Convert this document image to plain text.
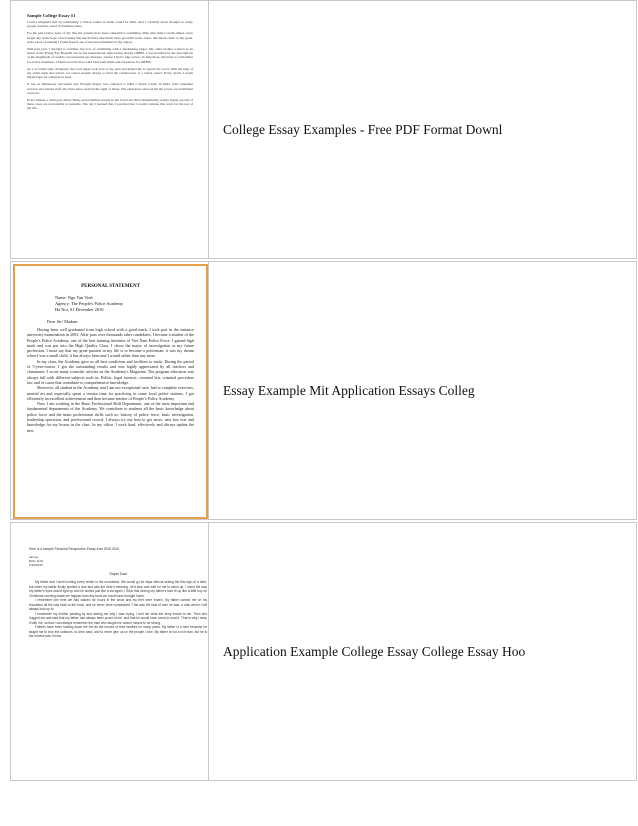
Sample College Essay #1

I never imagined that by nominating a Vision Center in India would be built. And I certainly never thought so many people could be cured of blindness there.

For the past twelve years of my life, my parents have been competitive swimming. Mile after mile I swam almost every single day in the hope of becoming that much faster, that much more powerful in the water, that much closer to my goals. After years of training I found myself one of the best swimmers in my region.

This past year, I decided to combine my love of swimming with a fundraising target. My older brother worked as an intern in the Flying Eye Hospital run by the international sight-saving charity ORBIS. I was horrified by his descriptions of the magnitude of curable, but untreated eye diseases. I knew I had to take action. To help those who have to walk miles to receive treatment, I found an event that could raise both funds and awareness for ORBIS.

As a two-time state champion, the local paper took note of my plan and helped me to spread the word. With the help of my swim team and school, we raised enough money to fund the construction of a vision center. Every stroke I swam meant hope for someone in need.

It was an immensely successful day. Enough money was collected to build a Vision Center in India, with outpatient services and trained staff who have since restored the sight of many. The experience showed me the power one individual can have.

Every minute a child goes blind. Thirty-seven million people in the world are blind. Remarkably, nearly eighty percent of these cases are preventable or treatable. The day I learned that, I resolved that I would continue this work for the rest of my life.

College Essay Examples - Free PDF Format Downl
PERSONAL STATEMENT
Name: Ngo Van Vinh
Agency: The People's Police Academy
Ha Noi, 01 December 2010
Dear Sir/ Madam

Having been well graduated from high school with a good mark, I took part in the entrance university examination in 2003. After pass over thousands other candidates, I became a student of the People's Police Academy, one of the best training institutes of Viet Nam Police Force. I gained high mark and was put into the High Quality Class. I chose the major of investigation as my future profession. I must say that my great passion in my life is to become a policeman; it was my dream when I was a small child, it has always been and I would rather than any more.

In my class, the Academy gave us all best conditions and facilities to study. During the period of 5-year-course, I got the outstanding results and was highly appreciated by all teachers and classmates. I wrote many scientific articles on the Academy's Magazine. The program education was always full with different subjects such as: Politic, legal forensic, criminal law, criminal procedure law and of cause that contribute to comprehensive knowledge.

Moreover, all student in the Academy and I am not exceptional case, had to complete exercises, martial art and especially spent a certain time for practicing in some local police stations. I got efficiently an excellent achievement and then became teacher of People's Police Academy.

Now, I am working in the Basic Professional Skill Department, one of the most important and fundamental departments of the Academy. We contribute to students all the basic knowledge about police force and the main professional skills such as: history of police force, basic investigation, leadership operation, and professional record. I always try my best to get news, new law text and knowledge for my lesson in the class. In my office, I work hard, effectively and always update the new

Essay Example Mit Application Essays Colleg
Here is a sample Personal Perspective Essay from ENG 0001
Jamee
ENG 1101
2/19/2015
Super Dad

My father and I went hunting every winter in the mountains. We would go for days without seeing the first sign of a deer, but when my father finally spotted a doe and saw the deer's meaning, he'd stop and wait for me to catch up. I loved the way my father's eyes would light up and he smiled just like a kid again. I think that seeing my father's face lit up like a little boy on Christmas morning made me happier than any buck we could have brought home.

I remember one time we had walked for hours in the snow and my feet were frozen. My father carried me on his shoulders all the way back to the truck, and he never once complained. That was the kind of man he was, a man whom I will always look up to.

I remember my mother passing by and asking me why I was crying. I told her what the story meant to me. Then she hugged me and said that my father had always been proud of me, and that he would have loved to read it. That is why I keep it with me, so that I can always remember the man who taught me what it means to be strong.

Fathers have been holding down the fort as the heroes of their families for many years. My father is a hero because he taught me to love the outdoors, to work hard, and to never give up on the people I love. My father is not a rich man, but he is the richest man I know.

Application Example College Essay College Essay Hoo
